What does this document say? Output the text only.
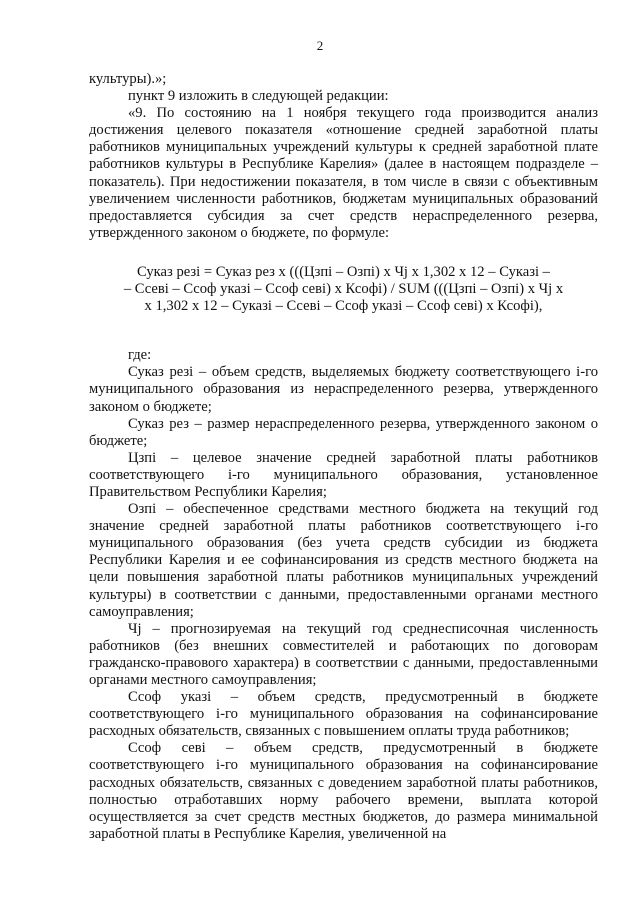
2

культуры).»;

пункт 9 изложить в следующей редакции:

«9. По состоянию на 1 ноября текущего года производится анализ достижения целевого показателя «отношение средней заработной платы работников муниципальных учреждений культуры к средней заработной плате работников культуры в Республике Карелия» (далее в настоящем подразделе – показатель). При недостижении показателя, в том числе в связи с объективным увеличением численности работников, бюджетам муниципальных образований предоставляется субсидия за счет средств нераспределенного резерва, утвержденного законом о бюджете, по формуле:

Суказ резi = Суказ рез x (((Цзпi – Озпi) x Чj x 1,302 x 12 – Суказi –
– Ссевi – Ссоф указi – Ссоф севi) x Ксофi) / SUM (((Цзпi – Озпi) x Чj x
x 1,302 x 12 – Суказi – Ссевi – Ссоф указi – Ссоф севi) x Ксофi),

где:

Суказ резi – объем средств, выделяемых бюджету соответствующего i-го муниципального образования из нераспределенного резерва, утвержденного законом о бюджете;

Суказ рез – размер нераспределенного резерва, утвержденного законом о бюджете;

Цзпi – целевое значение средней заработной платы работников соответствующего i-го муниципального образования, установленное Правительством Республики Карелия;

Озпi – обеспеченное средствами местного бюджета на текущий год значение средней заработной платы работников соответствующего i-го муниципального образования (без учета средств субсидии из бюджета Республики Карелия и ее софинансирования из средств местного бюджета на цели повышения заработной платы работников муниципальных учреждений культуры) в соответствии с данными, предоставленными органами местного самоуправления;

Чj – прогнозируемая на текущий год среднесписочная численность работников (без внешних совместителей и работающих по договорам гражданско-правового характера) в соответствии с данными, предоставленными органами местного самоуправления;

Ссоф указi – объем средств, предусмотренный в бюджете соответствующего i-го муниципального образования на софинансирование расходных обязательств, связанных с повышением оплаты труда работников;

Ссоф севi – объем средств, предусмотренный в бюджете соответствующего i-го муниципального образования на софинансирование расходных обязательств, связанных с доведением заработной платы работников, полностью отработавших норму рабочего времени, выплата которой осуществляется за счет средств местных бюджетов, до размера минимальной заработной платы в Республике Карелия, увеличенной на
